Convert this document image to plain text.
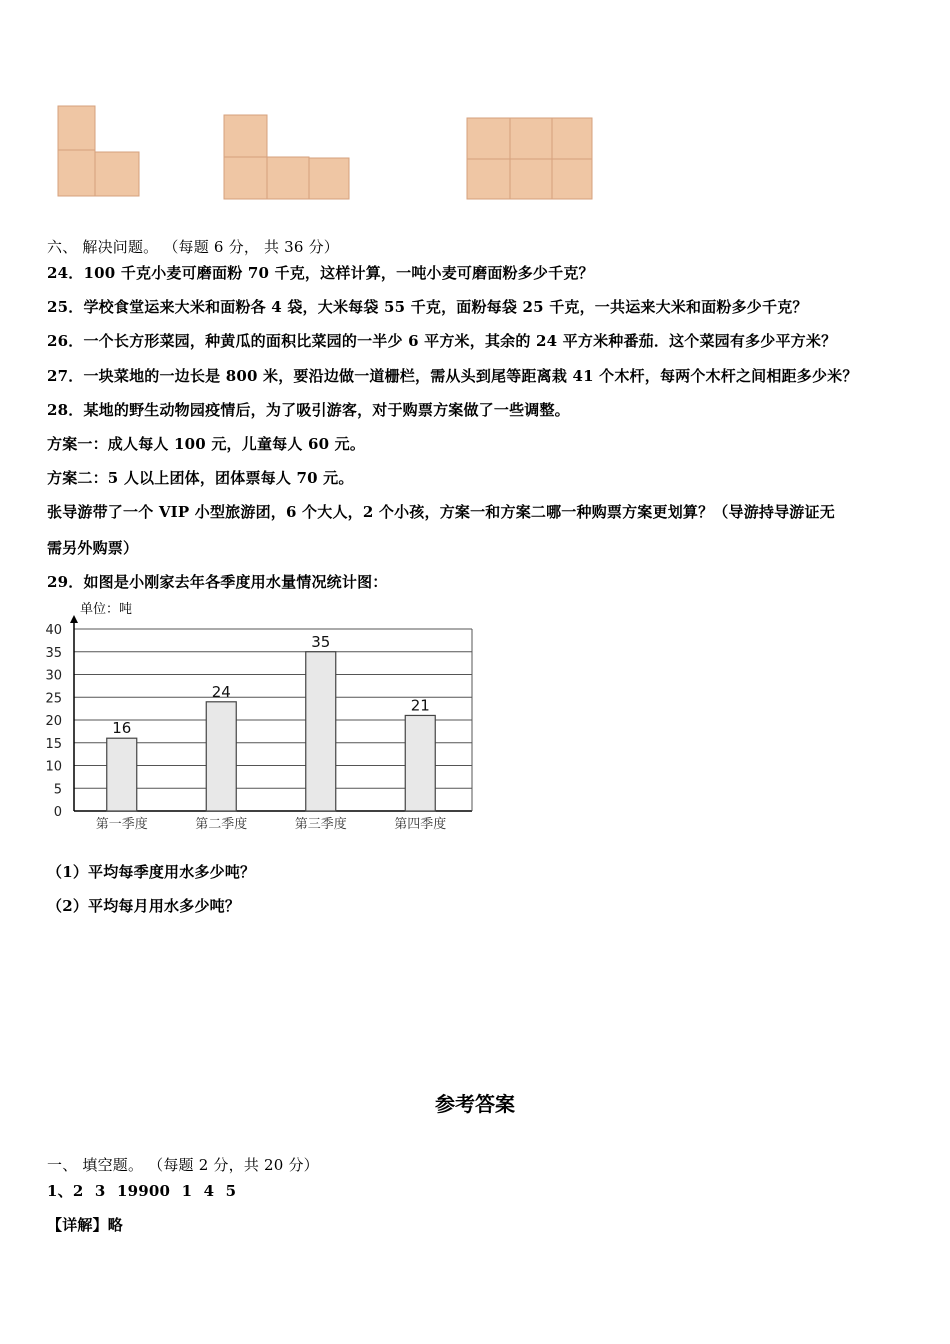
六、 解决问题。 （每题 6 分， 共 36 分）
24．100 千克小麦可磨面粉 70 千克，这样计算，一吨小麦可磨面粉多少千克？
25．学校食堂运来大米和面粉各 4 袋，大米每袋 55 千克，面粉每袋 25 千克，一共运来大米和面粉多少千克？
26．一个长方形菜园，种黄瓜的面积比菜园的一半少 6 平方米，其余的 24 平方米种番茄．这个菜园有多少平方米？
27．一块菜地的一边长是 800 米，要沿边做一道栅栏，需从头到尾等距离栽 41 个木杆，每两个木杆之间相距多少米？
28．某地的野生动物园疫情后，为了吸引游客，对于购票方案做了一些调整。
方案一：成人每人 100 元，儿童每人 60 元。
方案二：5 人以上团体，团体票每人 70 元。
张导游带了一个 VIP 小型旅游团，6 个大人，2 个小孩，方案一和方案二哪一种购票方案更划算？（导游持导游证无
需另外购票）
29．如图是小刚家去年各季度用水量情况统计图：
单位：吨
0
5
10
15
20
25
30
35
40
16
第一季度
24
第二季度
35
第三季度
21
第四季度
（1）平均每季度用水多少吨？
（2）平均每月用水多少吨？
参考答案
一、 填空题。 （每题 2 分，共 20 分）
1、2 3 19900 1 4 5
【详解】略
